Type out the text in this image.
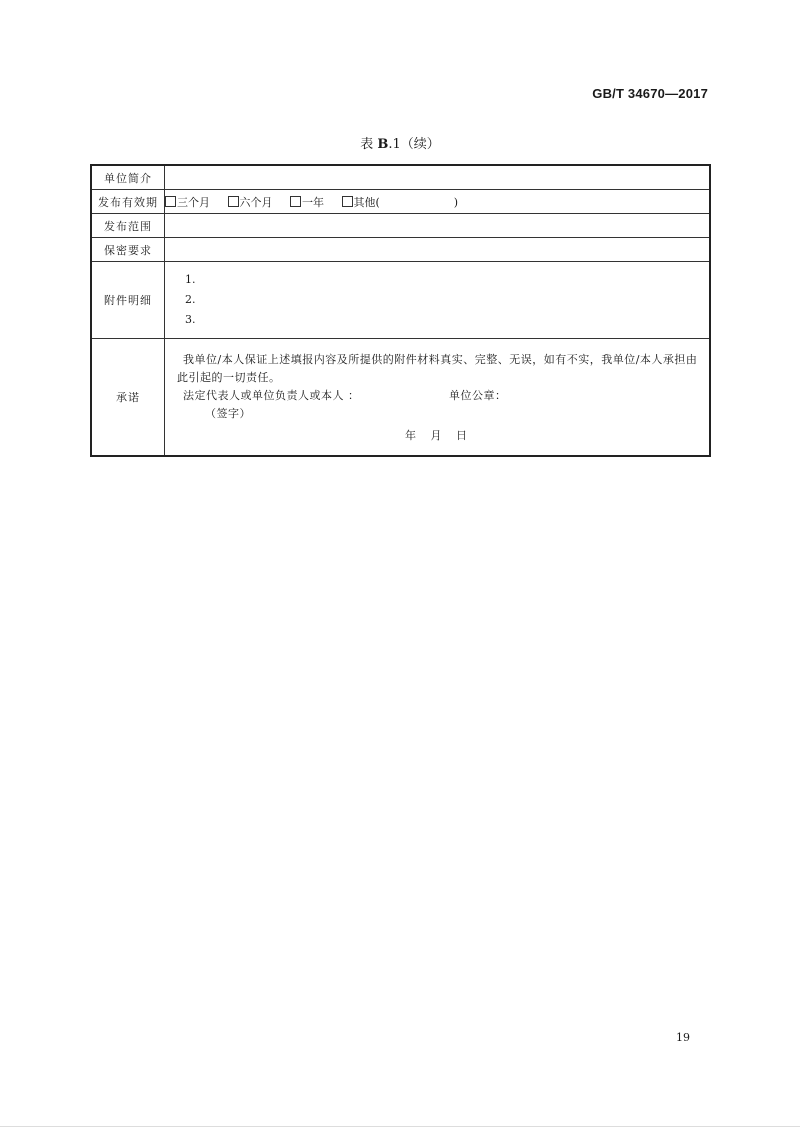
GB/T 34670—2017
表 B.1（续）
单位简介	
发布有效期	三个月 六个月 一年 其他( )
发布范围	
保密要求	
附件明细	1.
2.
3.

承诺	我单位/本人保证上述填报内容及所提供的附件材料真实、完整、无误，如有不实，我单位/本人承担由此引起的一切责任。

法定代表人或单位负责人或本人 ： 单位公章：
（签字）
年 月 日
19
